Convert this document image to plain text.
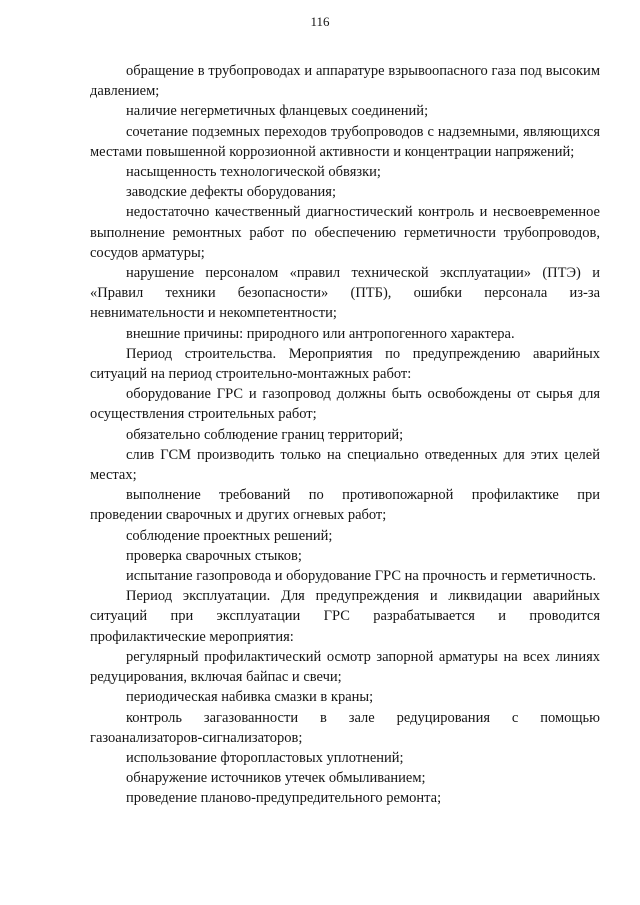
116

обращение в трубопроводах и аппаратуре взрывоопасного газа под высоким давлением;

наличие негерметичных фланцевых соединений;

сочетание подземных переходов трубопроводов с надземными, являющихся местами повышенной коррозионной активности и концентрации напряжений;

насыщенность технологической обвязки;

заводские дефекты оборудования;

недостаточно качественный диагностический контроль и несвоевременное выполнение ремонтных работ по обеспечению герметичности трубопроводов, сосудов арматуры;

нарушение персоналом «правил технической эксплуатации» (ПТЭ) и «Правил техники безопасности» (ПТБ), ошибки персонала из-за невнимательности и некомпетентности;

внешние причины: природного или антропогенного характера.

Период строительства. Мероприятия по предупреждению аварийных ситуаций на период строительно-монтажных работ:

оборудование ГРС и газопровод должны быть освобождены от сырья для осуществления строительных работ;

обязательно соблюдение границ территорий;

слив ГСМ производить только на специально отведенных для этих целей местах;

выполнение требований по противопожарной профилактике при проведении сварочных и других огневых работ;

соблюдение проектных решений;

проверка сварочных стыков;

испытание газопровода и оборудование ГРС на прочность и герметичность.

Период эксплуатации. Для предупреждения и ликвидации аварийных ситуаций при эксплуатации ГРС разрабатывается и проводится профилактические мероприятия:

регулярный профилактический осмотр запорной арматуры на всех линиях редуцирования, включая байпас и свечи;

периодическая набивка смазки в краны;

контроль загазованности в зале редуцирования с помощью газоанализаторов-сигнализаторов;

использование фторопластовых уплотнений;

обнаружение источников утечек обмыливанием;

проведение планово-предупредительного ремонта;
